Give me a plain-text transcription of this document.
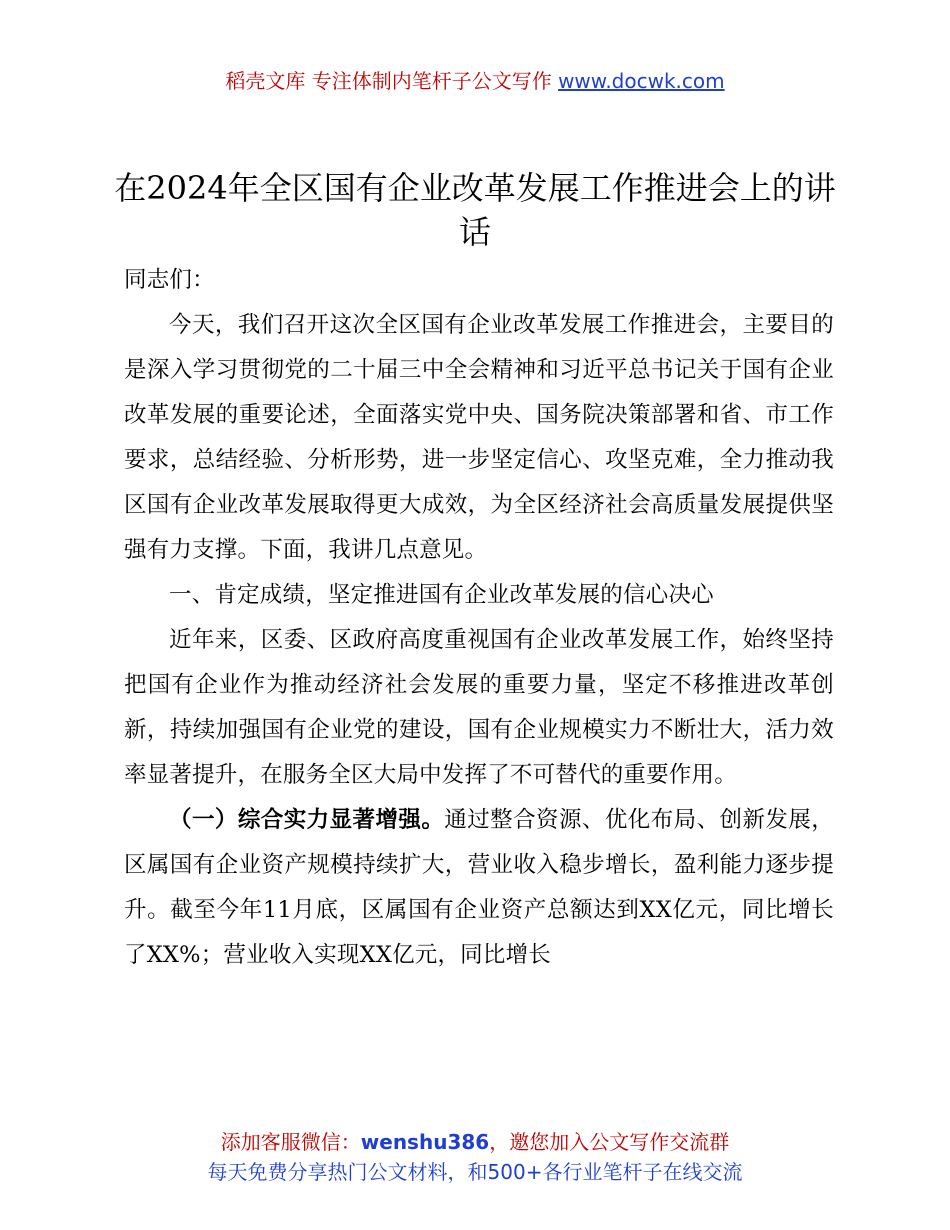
稻壳文库 专注体制内笔杆子公文写作 www.docwk.com
在2024年全区国有企业改革发展工作推进会上的讲话

同志们：

今天，我们召开这次全区国有企业改革发展工作推进会，主要目的是深入学习贯彻党的二十届三中全会精神和习近平总书记关于国有企业改革发展的重要论述，全面落实党中央、国务院决策部署和省、市工作要求，总结经验、分析形势，进一步坚定信心、攻坚克难，全力推动我区国有企业改革发展取得更大成效，为全区经济社会高质量发展提供坚强有力支撑。下面，我讲几点意见。

一、肯定成绩，坚定推进国有企业改革发展的信心决心

近年来，区委、区政府高度重视国有企业改革发展工作，始终坚持把国有企业作为推动经济社会发展的重要力量，坚定不移推进改革创新，持续加强国有企业党的建设，国有企业规模实力不断壮大，活力效率显著提升，在服务全区大局中发挥了不可替代的重要作用。

（一）综合实力显著增强。通过整合资源、优化布局、创新发展，区属国有企业资产规模持续扩大，营业收入稳步增长，盈利能力逐步提升。截至今年11月底，区属国有企业资产总额达到XX亿元，同比增长了XX%；营业收入实现XX亿元，同比增长

添加客服微信：wenshu386，邀您加入公文写作交流群
每天免费分享热门公文材料，和500+各行业笔杆子在线交流
